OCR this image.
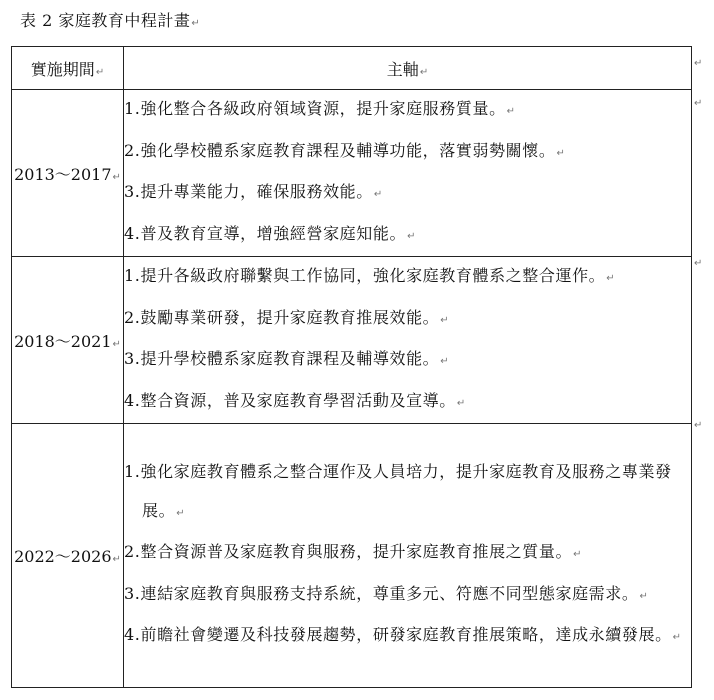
表 2 家庭教育中程計畫↵
實施期間↵	主軸↵
2013～2017↵	1.強化整合各級政府領域資源，提升家庭服務質量。↵
2.強化學校體系家庭教育課程及輔導功能，落實弱勢關懷。↵
3.提升專業能力，確保服務效能。↵
4.普及教育宣導，增強經營家庭知能。↵

2018～2021↵	1.提升各級政府聯繫與工作協同，強化家庭教育體系之整合運作。↵
2.鼓勵專業研發，提升家庭教育推展效能。↵
3.提升學校體系家庭教育課程及輔導效能。↵
4.整合資源，普及家庭教育學習活動及宣導。↵

2022～2026↵	1.強化家庭教育體系之整合運作及人員培力，提升家庭教育及服務之專業發展。↵
2.整合資源普及家庭教育與服務，提升家庭教育推展之質量。↵
3.連結家庭教育與服務支持系統，尊重多元、符應不同型態家庭需求。↵
4.前瞻社會變遷及科技發展趨勢，研發家庭教育推展策略，達成永續發展。↵
↵
↵
↵
↵
